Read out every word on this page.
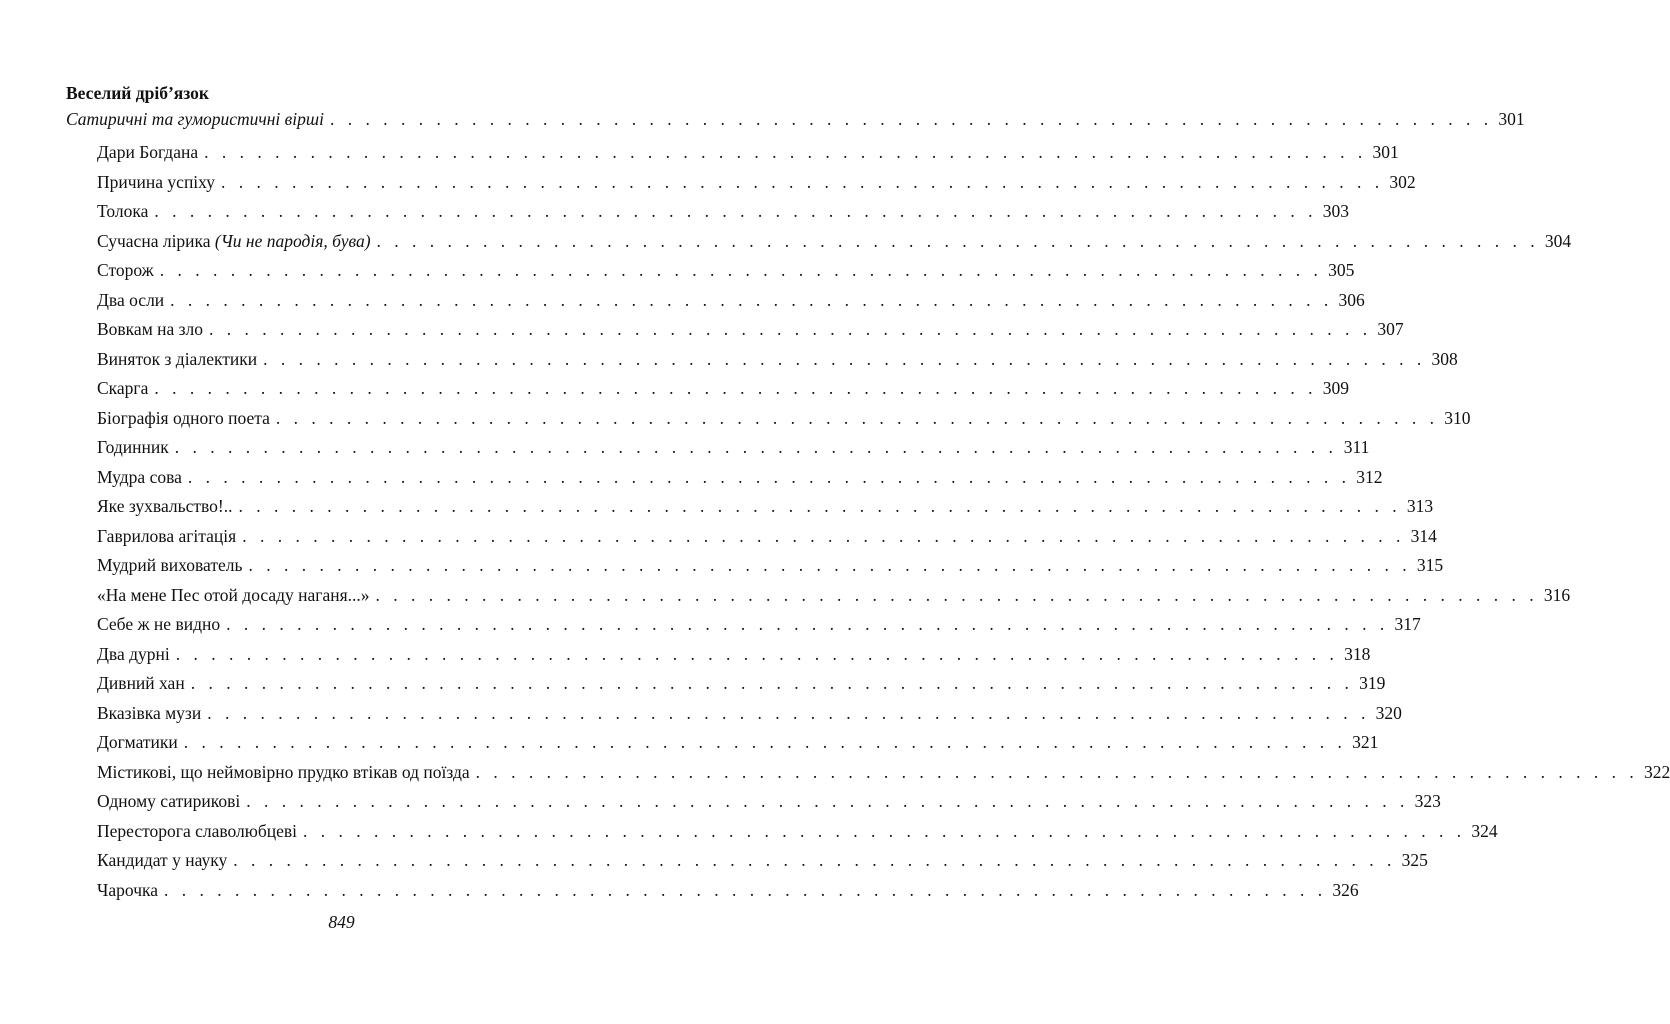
Веселий дріб’язок
Сатиричні та гумористичні вірші . . . . . . . . . . . . . . . . . . . . . . . . . . . . . . . . . . . . . . . . . . . . . . . . . . . . . . . . . . . . . . . . . . 301
Дари Богдана . . . . . . . . . . . . . . . . . . . . . . . . . . . . . . . . . . . . . . . . . . . . . . . . . . . . . . . . . . . . . . . . . . 301
Причина успіху . . . . . . . . . . . . . . . . . . . . . . . . . . . . . . . . . . . . . . . . . . . . . . . . . . . . . . . . . . . . . . . . . . 302
Толока . . . . . . . . . . . . . . . . . . . . . . . . . . . . . . . . . . . . . . . . . . . . . . . . . . . . . . . . . . . . . . . . . . 303
Сучасна лірика (Чи не пародія, бува) . . . . . . . . . . . . . . . . . . . . . . . . . . . . . . . . . . . . . . . . . . . . . . . . . . . . . . . . . . . . . . . . . . 304
Сторож . . . . . . . . . . . . . . . . . . . . . . . . . . . . . . . . . . . . . . . . . . . . . . . . . . . . . . . . . . . . . . . . . . 305
Два осли . . . . . . . . . . . . . . . . . . . . . . . . . . . . . . . . . . . . . . . . . . . . . . . . . . . . . . . . . . . . . . . . . . 306
Вовкам на зло . . . . . . . . . . . . . . . . . . . . . . . . . . . . . . . . . . . . . . . . . . . . . . . . . . . . . . . . . . . . . . . . . . 307
Виняток з діалектики . . . . . . . . . . . . . . . . . . . . . . . . . . . . . . . . . . . . . . . . . . . . . . . . . . . . . . . . . . . . . . . . . . 308
Скарга . . . . . . . . . . . . . . . . . . . . . . . . . . . . . . . . . . . . . . . . . . . . . . . . . . . . . . . . . . . . . . . . . . 309
Біографія одного поета . . . . . . . . . . . . . . . . . . . . . . . . . . . . . . . . . . . . . . . . . . . . . . . . . . . . . . . . . . . . . . . . . . 310
Годинник . . . . . . . . . . . . . . . . . . . . . . . . . . . . . . . . . . . . . . . . . . . . . . . . . . . . . . . . . . . . . . . . . . 311
Мудра сова . . . . . . . . . . . . . . . . . . . . . . . . . . . . . . . . . . . . . . . . . . . . . . . . . . . . . . . . . . . . . . . . . . 312
Яке зухвальство!.. . . . . . . . . . . . . . . . . . . . . . . . . . . . . . . . . . . . . . . . . . . . . . . . . . . . . . . . . . . . . . . . . . . 313
Гаврилова агітація . . . . . . . . . . . . . . . . . . . . . . . . . . . . . . . . . . . . . . . . . . . . . . . . . . . . . . . . . . . . . . . . . . 314
Мудрий вихователь . . . . . . . . . . . . . . . . . . . . . . . . . . . . . . . . . . . . . . . . . . . . . . . . . . . . . . . . . . . . . . . . . . 315
«На мене Пес отой досаду наганя...» . . . . . . . . . . . . . . . . . . . . . . . . . . . . . . . . . . . . . . . . . . . . . . . . . . . . . . . . . . . . . . . . . . 316
Себе ж не видно . . . . . . . . . . . . . . . . . . . . . . . . . . . . . . . . . . . . . . . . . . . . . . . . . . . . . . . . . . . . . . . . . . 317
Два дурні . . . . . . . . . . . . . . . . . . . . . . . . . . . . . . . . . . . . . . . . . . . . . . . . . . . . . . . . . . . . . . . . . . 318
Дивний хан . . . . . . . . . . . . . . . . . . . . . . . . . . . . . . . . . . . . . . . . . . . . . . . . . . . . . . . . . . . . . . . . . . 319
Вказівка музи . . . . . . . . . . . . . . . . . . . . . . . . . . . . . . . . . . . . . . . . . . . . . . . . . . . . . . . . . . . . . . . . . . 320
Догматики . . . . . . . . . . . . . . . . . . . . . . . . . . . . . . . . . . . . . . . . . . . . . . . . . . . . . . . . . . . . . . . . . . 321
Містикові, що неймовірно прудко втікав од поїзда . . . . . . . . . . . . . . . . . . . . . . . . . . . . . . . . . . . . . . . . . . . . . . . . . . . . . . . . . . . . . . . . . . 322
Одному сатирикові . . . . . . . . . . . . . . . . . . . . . . . . . . . . . . . . . . . . . . . . . . . . . . . . . . . . . . . . . . . . . . . . . . 323
Пересторога славолюбцеві . . . . . . . . . . . . . . . . . . . . . . . . . . . . . . . . . . . . . . . . . . . . . . . . . . . . . . . . . . . . . . . . . . 324
Кандидат у науку . . . . . . . . . . . . . . . . . . . . . . . . . . . . . . . . . . . . . . . . . . . . . . . . . . . . . . . . . . . . . . . . . . 325
Чарочка . . . . . . . . . . . . . . . . . . . . . . . . . . . . . . . . . . . . . . . . . . . . . . . . . . . . . . . . . . . . . . . . . . 326
849
